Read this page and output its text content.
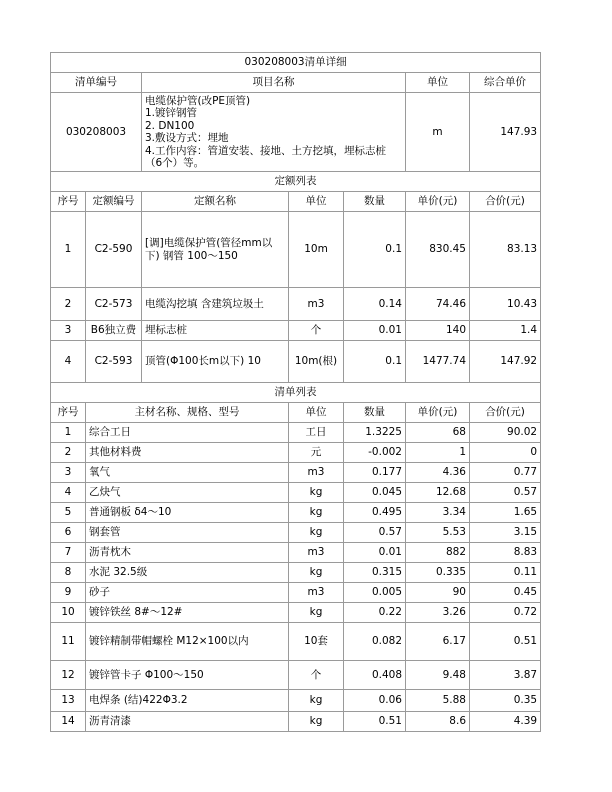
030208003清单详细						
清单编号		项目名称			单位	综合单价
030208003		电缆保护管(改PE顶管)
1.镀锌钢管
2. DN100
3.敷设方式：埋地
4.工作内容：管道安装、接地、土方挖填，埋标志桩（6个）等。			m	147.93
定额列表						
序号	定额编号	定额名称	单位	数量	单价(元)	合价(元)
1	C2-590	[调]电缆保护管(管径mm以下) 钢管 100～150	10m	0.1	830.45	83.13
2	C2-573	电缆沟挖填 含建筑垃圾土	m3	0.14	74.46	10.43
3	B6独立费	埋标志桩	个	0.01	140	1.4
4	C2-593	顶管(Φ100长m以下) 10	10m(根)	0.1	1477.74	147.92
清单列表						
序号	主材名称、规格、型号		单位	数量	单价(元)	合价(元)
1	综合工日		工日	1.3225	68	90.02
2	其他材料费		元	-0.002	1	0
3	氧气		m3	0.177	4.36	0.77
4	乙炔气		kg	0.045	12.68	0.57
5	普通钢板 δ4～10		kg	0.495	3.34	1.65
6	钢套管		kg	0.57	5.53	3.15
7	沥青枕木		m3	0.01	882	8.83
8	水泥 32.5级		kg	0.315	0.335	0.11
9	砂子		m3	0.005	90	0.45
10	镀锌铁丝 8#～12#		kg	0.22	3.26	0.72
11	镀锌精制带帽螺栓 M12×100以内		10套	0.082	6.17	0.51
12	镀锌管卡子 Φ100～150		个	0.408	9.48	3.87
13	电焊条 (结)422Φ3.2		kg	0.06	5.88	0.35
14	沥青清漆		kg	0.51	8.6	4.39
